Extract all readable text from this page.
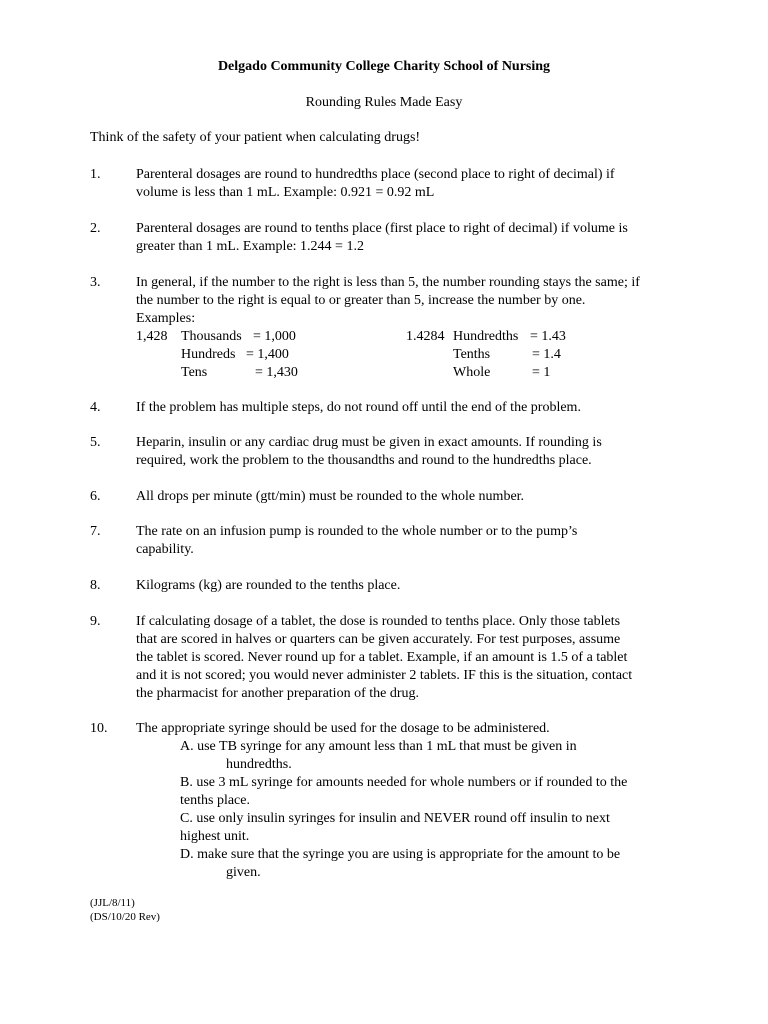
Delgado Community College Charity School of Nursing
Rounding Rules Made Easy
Think of the safety of your patient when calculating drugs!
1.	Parenteral dosages are round to hundredths place (second place to right of decimal) if
volume is less than 1 mL. Example: 0.921 = 0.92 mL
2.	Parenteral dosages are round to tenths place (first place to right of decimal) if volume is
greater than 1 mL. Example: 1.244 = 1.2
3.	In general, if the number to the right is less than 5, the number rounding stays the same; if
the number to the right is equal to or greater than 5, increase the number by one.
Examples:
1,428 Thousands = 1,000	1.4284 Hundredths = 1.43
Hundreds = 1,400	Tenths	= 1.4
Tens	= 1,430	Whole	= 1
4.	If the problem has multiple steps, do not round off until the end of the problem.
5.	Heparin, insulin or any cardiac drug must be given in exact amounts. If rounding is
required, work the problem to the thousandths and round to the hundredths place.
6.	All drops per minute (gtt/min) must be rounded to the whole number.
7.	The rate on an infusion pump is rounded to the whole number or to the pump’s
capability.
8.	Kilograms (kg) are rounded to the tenths place.
9.	If calculating dosage of a tablet, the dose is rounded to tenths place. Only those tablets
that are scored in halves or quarters can be given accurately. For test purposes, assume
the tablet is scored. Never round up for a tablet. Example, if an amount is 1.5 of a tablet
and it is not scored; you would never administer 2 tablets. IF this is the situation, contact
the pharmacist for another preparation of the drug.
10. The appropriate syringe should be used for the dosage to be administered.
A. use TB syringe for any amount less than 1 mL that must be given in
hundredths.
B. use 3 mL syringe for amounts needed for whole numbers or if rounded to the
tenths place.
C. use only insulin syringes for insulin and NEVER round off insulin to next
highest unit.
D. make sure that the syringe you are using is appropriate for the amount to be
given.
(JJL/8/11)
(DS/10/20 Rev)
